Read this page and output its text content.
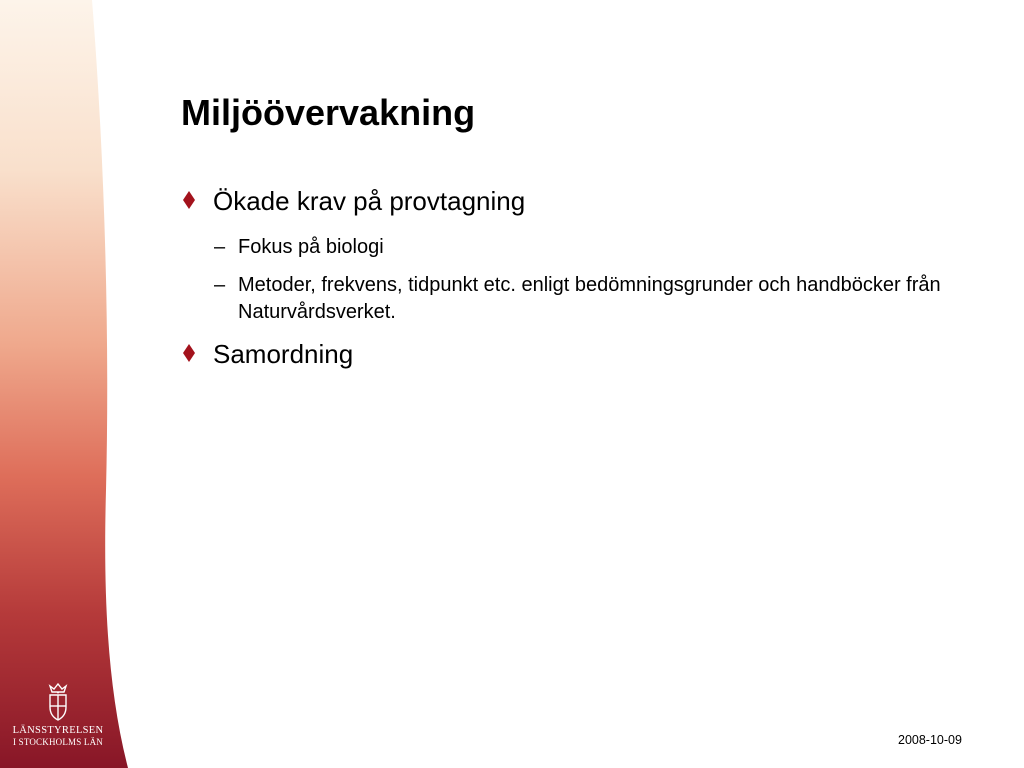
LÄNSSTYRELSEN
I STOCKHOLMS LÄN
Miljöövervakning
Ökade krav på provtagning
– Fokus på biologi
– Metoder, frekvens, tidpunkt etc. enligt bedömningsgrunder och handböcker från Naturvårdsverket.
Samordning
2008-10-09
